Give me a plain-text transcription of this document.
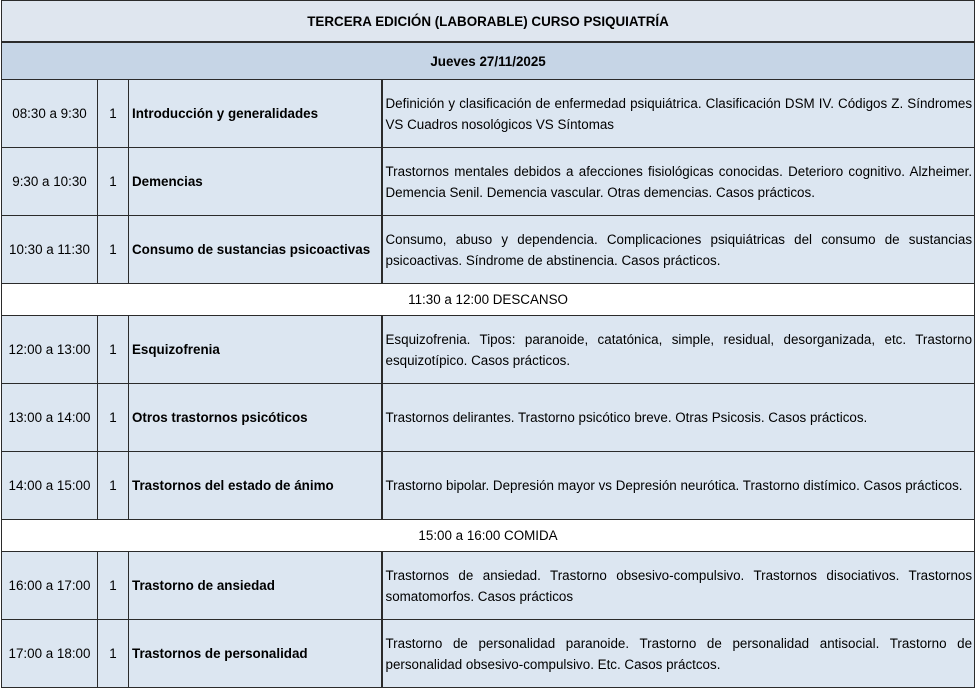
TERCERA EDICIÓN (LABORABLE) CURSO PSIQUIATRÍA			
Jueves 27/11/2025			
08:30 a 9:30	1	Introducción y generalidades	Definición y clasificación de enfermedad psiquiátrica. Clasificación DSM IV. Códigos Z. Síndromes VS Cuadros nosológicos VS Síntomas
9:30 a 10:30	1	Demencias	Trastornos mentales debidos a afecciones fisiológicas conocidas. Deterioro cognitivo. Alzheimer. Demencia Senil. Demencia vascular. Otras demencias. Casos prácticos.
10:30 a 11:30	1	Consumo de sustancias psicoactivas	Consumo, abuso y dependencia. Complicaciones psiquiátricas del consumo de sustancias psicoactivas. Síndrome de abstinencia. Casos prácticos.
11:30 a 12:00 DESCANSO			
12:00 a 13:00	1	Esquizofrenia	Esquizofrenia. Tipos: paranoide, catatónica, simple, residual, desorganizada, etc. Trastorno esquizotípico. Casos prácticos.
13:00 a 14:00	1	Otros trastornos psicóticos	Trastornos delirantes. Trastorno psicótico breve. Otras Psicosis. Casos prácticos.
14:00 a 15:00	1	Trastornos del estado de ánimo	Trastorno bipolar. Depresión mayor vs Depresión neurótica. Trastorno distímico. Casos prácticos.
15:00 a 16:00 COMIDA			
16:00 a 17:00	1	Trastorno de ansiedad	Trastornos de ansiedad. Trastorno obsesivo-compulsivo. Trastornos disociativos. Trastornos somatomorfos. Casos prácticos
17:00 a 18:00	1	Trastornos de personalidad	Trastorno de personalidad paranoide. Trastorno de personalidad antisocial. Trastorno de personalidad obsesivo-compulsivo. Etc. Casos práctcos.
